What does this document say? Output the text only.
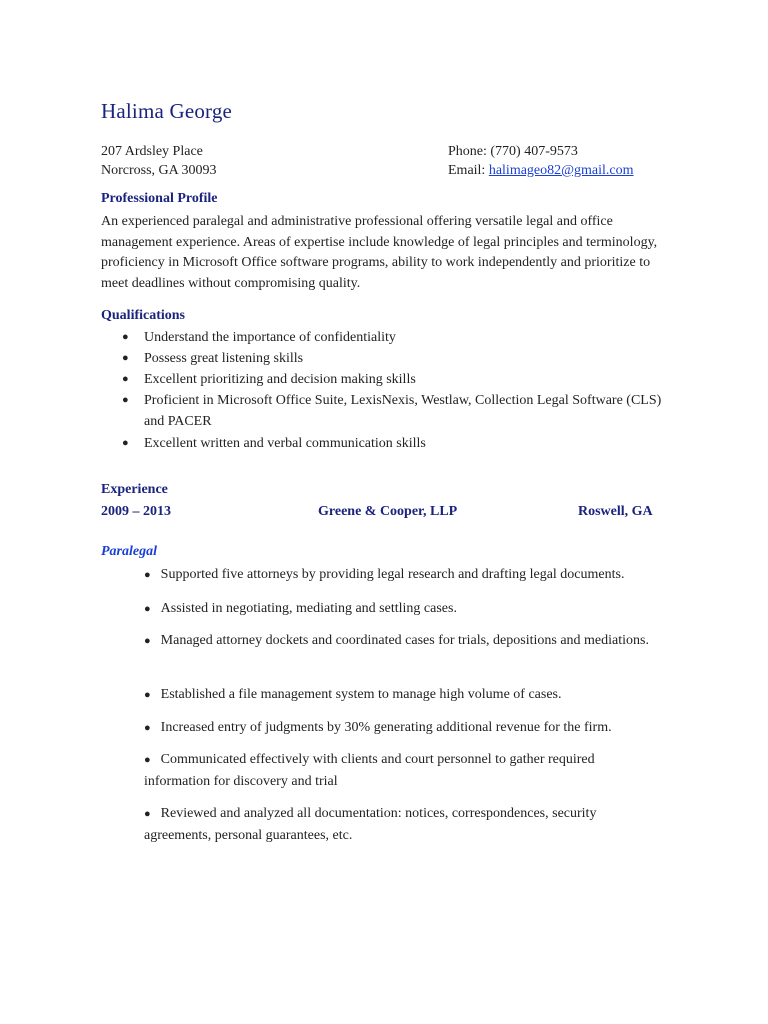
Halima George
207 Ardsley Place
Norcross, GA 30093
Phone: (770) 407-9573
Email: halimageo82@gmail.com
Professional Profile
An experienced paralegal and administrative professional offering versatile legal and office management experience. Areas of expertise include knowledge of legal principles and terminology, proficiency in Microsoft Office software programs, ability to work independently and prioritize to meet deadlines without compromising quality.
Qualifications
●	Understand the importance of confidentiality
●	Possess great listening skills
●	Excellent prioritizing and decision making skills
●	Proficient in Microsoft Office Suite, LexisNexis, Westlaw, Collection Legal Software (CLS) and PACER
●	Excellent written and verbal communication skills
Experience
2009 – 2013	Greene & Cooper, LLP	Roswell, GA
Paralegal
● Supported five attorneys by providing legal research and drafting legal documents.
● Assisted in negotiating, mediating and settling cases.
● Managed attorney dockets and coordinated cases for trials, depositions and mediations.
● Established a file management system to manage high volume of cases.
● Increased entry of judgments by 30% generating additional revenue for the firm.
● Communicated effectively with clients and court personnel to gather required information for discovery and trial
● Reviewed and analyzed all documentation: notices, correspondences, security agreements, personal guarantees, etc.
